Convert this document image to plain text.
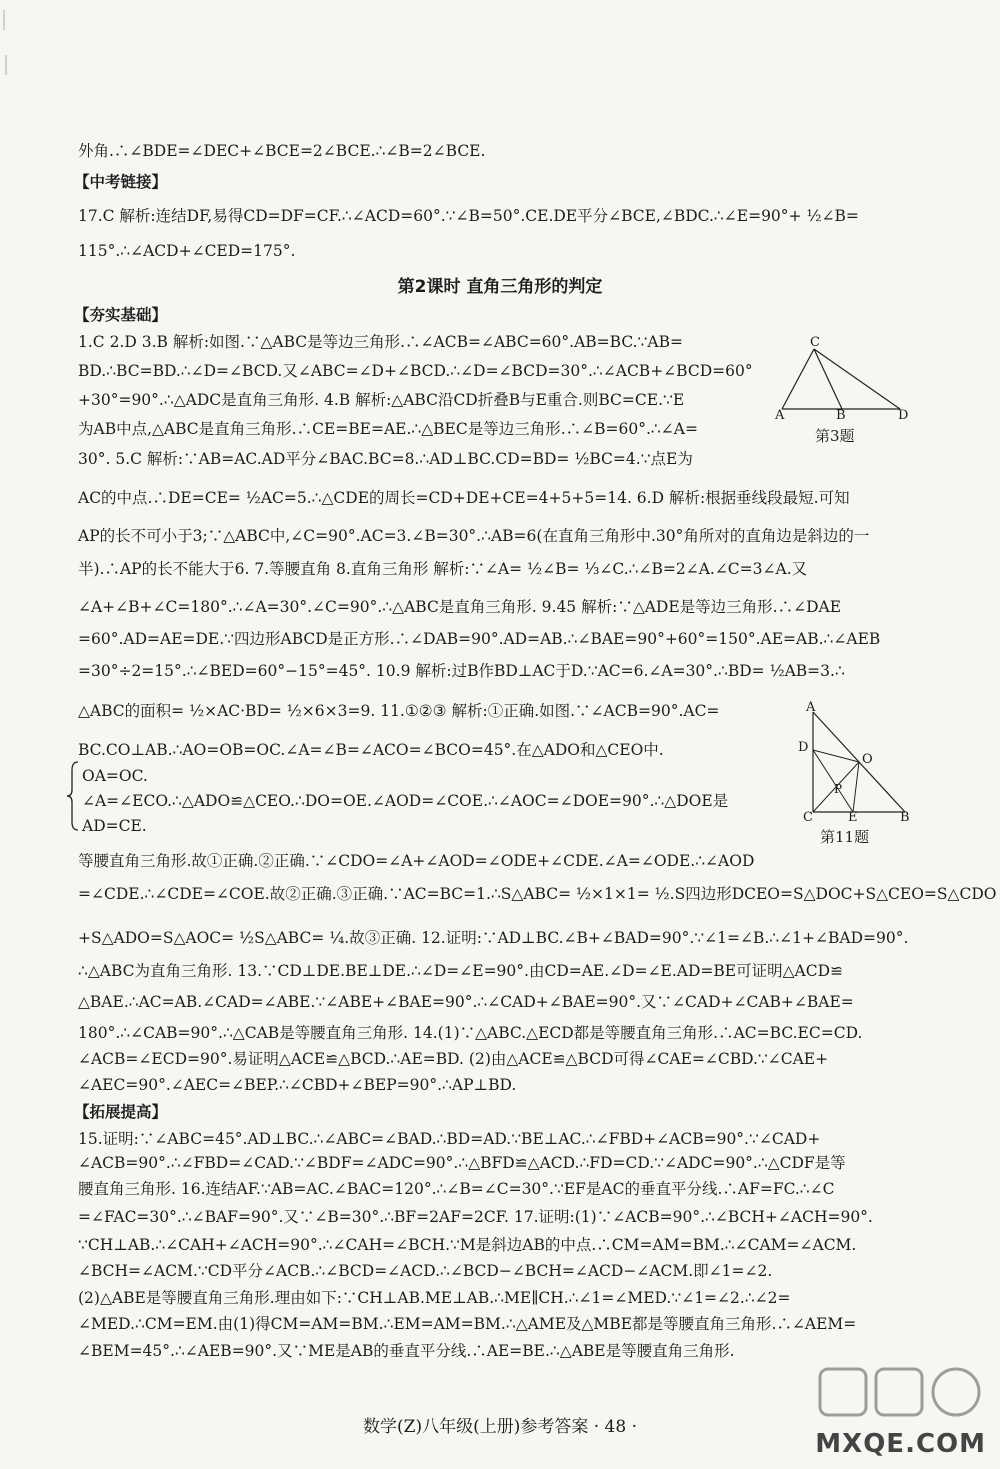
外角.∴∠BDE=∠DEC+∠BCE=2∠BCE.∴∠B=2∠BCE.
【中考链接】
17.C 解析:连结DF,易得CD=DF=CF.∴∠ACD=60°.∵∠B=50°.CE.DE平分∠BCE,∠BDC.∴∠E=90°+ ½∠B=
115°.∴∠ACD+∠CED=175°.
第2课时 直角三角形的判定
【夯实基础】
1.C 2.D 3.B 解析:如图.∵△ABC是等边三角形.∴∠ACB=∠ABC=60°.AB=BC.∵AB=
BD.∴BC=BD.∴∠D=∠BCD.又∠ABC=∠D+∠BCD.∴∠D=∠BCD=30°.∴∠ACB+∠BCD=60°
+30°=90°.∴△ADC是直角三角形. 4.B 解析:△ABC沿CD折叠B与E重合.则BC=CE.∵E
为AB中点,△ABC是直角三角形.∴CE=BE=AE.∴△BEC是等边三角形.∴∠B=60°.∴∠A=
30°. 5.C 解析:∵AB=AC.AD平分∠BAC.BC=8.∴AD⊥BC.CD=BD= ½BC=4.∵点E为
AC的中点.∴DE=CE= ½AC=5.∴△CDE的周长=CD+DE+CE=4+5+5=14. 6.D 解析:根据垂线段最短.可知
AP的长不可小于3;∵△ABC中,∠C=90°.AC=3.∠B=30°.∴AB=6(在直角三角形中.30°角所对的直角边是斜边的一
半).∴AP的长不能大于6. 7.等腰直角 8.直角三角形 解析:∵∠A= ½∠B= ⅓∠C.∴∠B=2∠A.∠C=3∠A.又
∠A+∠B+∠C=180°.∴∠A=30°.∠C=90°.∴△ABC是直角三角形. 9.45 解析:∵△ADE是等边三角形.∴∠DAE
=60°.AD=AE=DE.∵四边形ABCD是正方形.∴∠DAB=90°.AD=AB.∴∠BAE=90°+60°=150°.AE=AB.∴∠AEB
=30°÷2=15°.∴∠BED=60°−15°=45°. 10.9 解析:过B作BD⊥AC于D.∵AC=6.∠A=30°.∴BD= ½AB=3.∴
△ABC的面积= ½×AC·BD= ½×6×3=9. 11.①②③ 解析:①正确.如图.∵∠ACB=90°.AC=
BC.CO⊥AB.∴AO=OB=OC.∠A=∠B=∠ACO=∠BCO=45°.在△ADO和△CEO中.
OA=OC.
∠A=∠ECO.∴△ADO≌△CEO.∴DO=OE.∠AOD=∠COE.∴∠AOC=∠DOE=90°.∴△DOE是
AD=CE.
等腰直角三角形.故①正确.②正确.∵∠CDO=∠A+∠AOD=∠ODE+∠CDE.∠A=∠ODE.∴∠AOD
=∠CDE.∴∠CDE=∠COE.故②正确.③正确.∵AC=BC=1.∴S△ABC= ½×1×1= ½.S四边形DCEO=S△DOC+S△CEO=S△CDO
+S△ADO=S△AOC= ½S△ABC= ¼.故③正确. 12.证明:∵AD⊥BC.∠B+∠BAD=90°.∵∠1=∠B.∴∠1+∠BAD=90°.
∴△ABC为直角三角形. 13.∵CD⊥DE.BE⊥DE.∴∠D=∠E=90°.由CD=AE.∠D=∠E.AD=BE可证明△ACD≌
△BAE.∴AC=AB.∠CAD=∠ABE.∵∠ABE+∠BAE=90°.∴∠CAD+∠BAE=90°.又∵∠CAD+∠CAB+∠BAE=
180°.∴∠CAB=90°.∴△CAB是等腰直角三角形. 14.(1)∵△ABC.△ECD都是等腰直角三角形.∴AC=BC.EC=CD.
∠ACB=∠ECD=90°.易证明△ACE≌△BCD.∴AE=BD. (2)由△ACE≌△BCD可得∠CAE=∠CBD.∵∠CAE+
∠AEC=90°.∠AEC=∠BEP.∴∠CBD+∠BEP=90°.∴AP⊥BD.
【拓展提高】
15.证明:∵∠ABC=45°.AD⊥BC.∴∠ABC=∠BAD.∴BD=AD.∵BE⊥AC.∴∠FBD+∠ACB=90°.∵∠CAD+
∠ACB=90°.∴∠FBD=∠CAD.∵∠BDF=∠ADC=90°.∴△BFD≌△ACD.∴FD=CD.∵∠ADC=90°.∴△CDF是等
腰直角三角形. 16.连结AF.∵AB=AC.∠BAC=120°.∴∠B=∠C=30°.∵EF是AC的垂直平分线.∴AF=FC.∴∠C
=∠FAC=30°.∴∠BAF=90°.又∵∠B=30°.∴BF=2AF=2CF. 17.证明:(1)∵∠ACB=90°.∴∠BCH+∠ACH=90°.
∵CH⊥AB.∴∠CAH+∠ACH=90°.∴∠CAH=∠BCH.∵M是斜边AB的中点.∴CM=AM=BM.∴∠CAM=∠ACM.
∠BCH=∠ACM.∵CD平分∠ACB.∴∠BCD=∠ACD.∴∠BCD−∠BCH=∠ACD−∠ACM.即∠1=∠2.
(2)△ABE是等腰直角三角形.理由如下:∵CH⊥AB.ME⊥AB.∴ME∥CH.∴∠1=∠MED.∵∠1=∠2.∴∠2=
∠MED.∴CM=EM.由(1)得CM=AM=BM.∴EM=AM=BM.∴△AME及△MBE都是等腰直角三角形.∴∠AEM=
∠BEM=45°.∴∠AEB=90°.又∵ME是AB的垂直平分线.∴AE=BE.∴△ABE是等腰直角三角形.
C
A	B	D
第3题
A
D
O
P
C	E	B
第11题
数学(Z)八年级(上册)参考答案 · 48 ·
MXQE.COM
